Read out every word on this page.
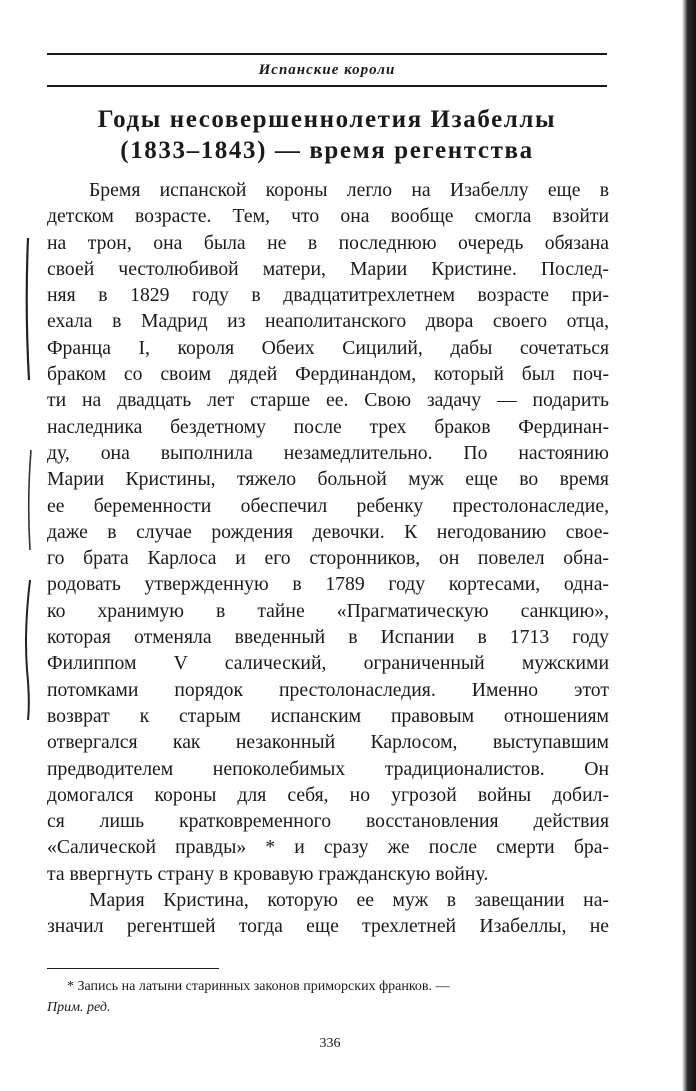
Испанские короли
Годы несовершеннолетия Изабеллы
(1833–1843) — время регентства
Бремя испанской короны легло на Изабеллу еще в
детском возрасте. Тем, что она вообще смогла взойти
на трон, она была не в последнюю очередь обязана
своей честолюбивой матери, Марии Кристине. Послед-
няя в 1829 году в двадцатитрехлетнем возрасте при-
ехала в Мадрид из неаполитанского двора своего отца,
Франца I, короля Обеих Сицилий, дабы сочетаться
браком со своим дядей Фердинандом, который был поч-
ти на двадцать лет старше ее. Свою задачу — подарить
наследника бездетному после трех браков Фердинан-
ду, она выполнила незамедлительно. По настоянию
Марии Кристины, тяжело больной муж еще во время
ее беременности обеспечил ребенку престолонаследие,
даже в случае рождения девочки. К негодованию свое-
го брата Карлоса и его сторонников, он повелел обна-
родовать утвержденную в 1789 году кортесами, одна-
ко хранимую в тайне «Прагматическую санкцию»,
которая отменяла введенный в Испании в 1713 году
Филиппом V салический, ограниченный мужскими
потомками порядок престолонаследия. Именно этот
возврат к старым испанским правовым отношениям
отвергался как незаконный Карлосом, выступавшим
предводителем непоколебимых традиционалистов. Он
домогался короны для себя, но угрозой войны добил-
ся лишь кратковременного восстановления действия
«Салической правды» * и сразу же после смерти бра-
та ввергнуть страну в кровавую гражданскую войну.
Мария Кристина, которую ее муж в завещании на-
значил регентшей тогда еще трехлетней Изабеллы, не
* Запись на латыни старинных законов приморских франков. —
Прим. ред.
336
